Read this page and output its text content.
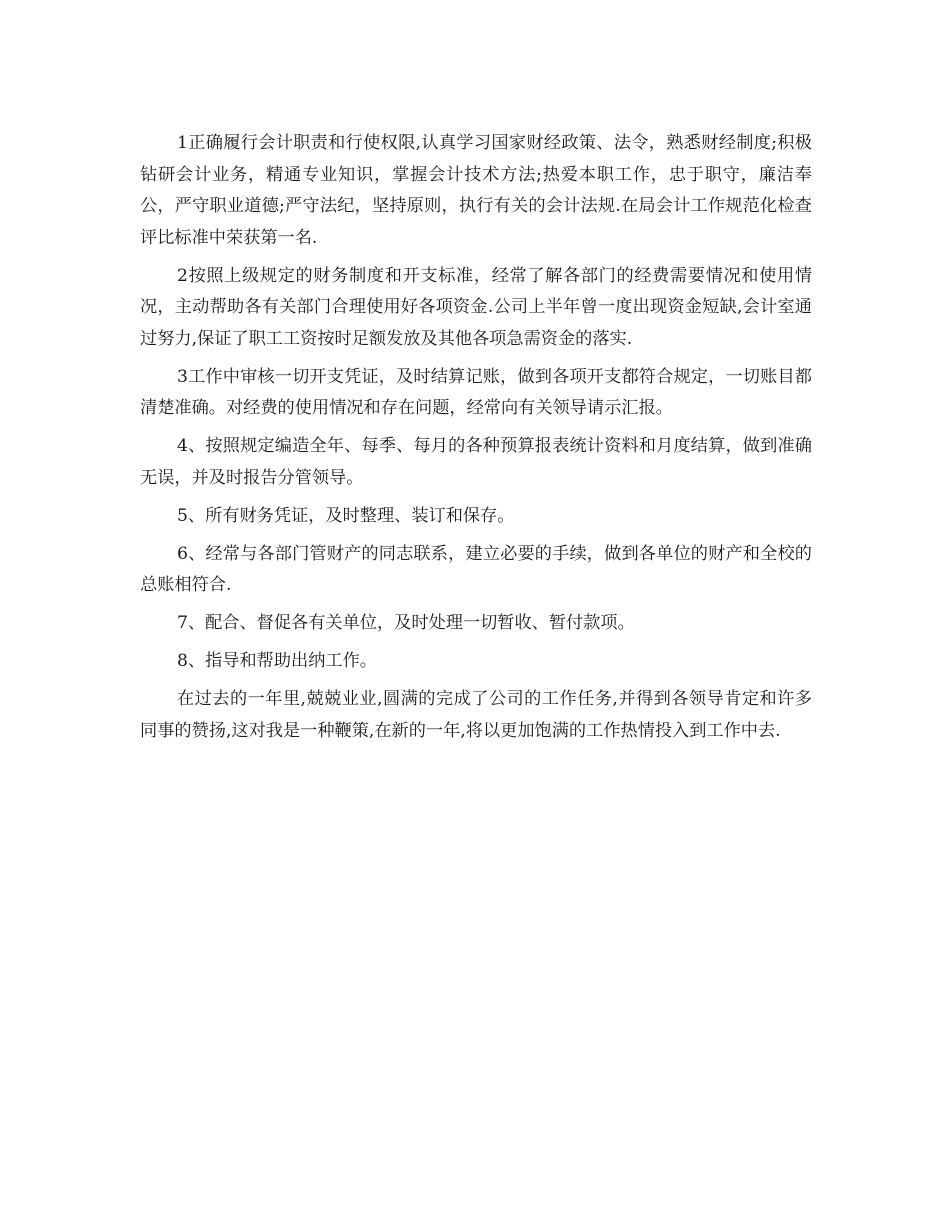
1正确履行会计职责和行使权限,认真学习国家财经政策、法令，熟悉财经制度;积极钻研会计业务，精通专业知识，掌握会计技术方法;热爱本职工作，忠于职守，廉洁奉公，严守职业道德;严守法纪，坚持原则，执行有关的会计法规.在局会计工作规范化检查评比标准中荣获第一名.

2按照上级规定的财务制度和开支标准，经常了解各部门的经费需要情况和使用情况，主动帮助各有关部门合理使用好各项资金.公司上半年曾一度出现资金短缺,会计室通过努力,保证了职工工资按时足额发放及其他各项急需资金的落实.

3工作中审核一切开支凭证，及时结算记账，做到各项开支都符合规定，一切账目都清楚准确。对经费的使用情况和存在问题，经常向有关领导请示汇报。

4、按照规定编造全年、每季、每月的各种预算报表统计资料和月度结算，做到准确无误，并及时报告分管领导。

5、所有财务凭证，及时整理、装订和保存。

6、经常与各部门管财产的同志联系，建立必要的手续，做到各单位的财产和全校的总账相符合.

7、配合、督促各有关单位，及时处理一切暂收、暂付款项。

8、指导和帮助出纳工作。

在过去的一年里,兢兢业业,圆满的完成了公司的工作任务,并得到各领导肯定和许多同事的赞扬,这对我是一种鞭策,在新的一年,将以更加饱满的工作热情投入到工作中去.
